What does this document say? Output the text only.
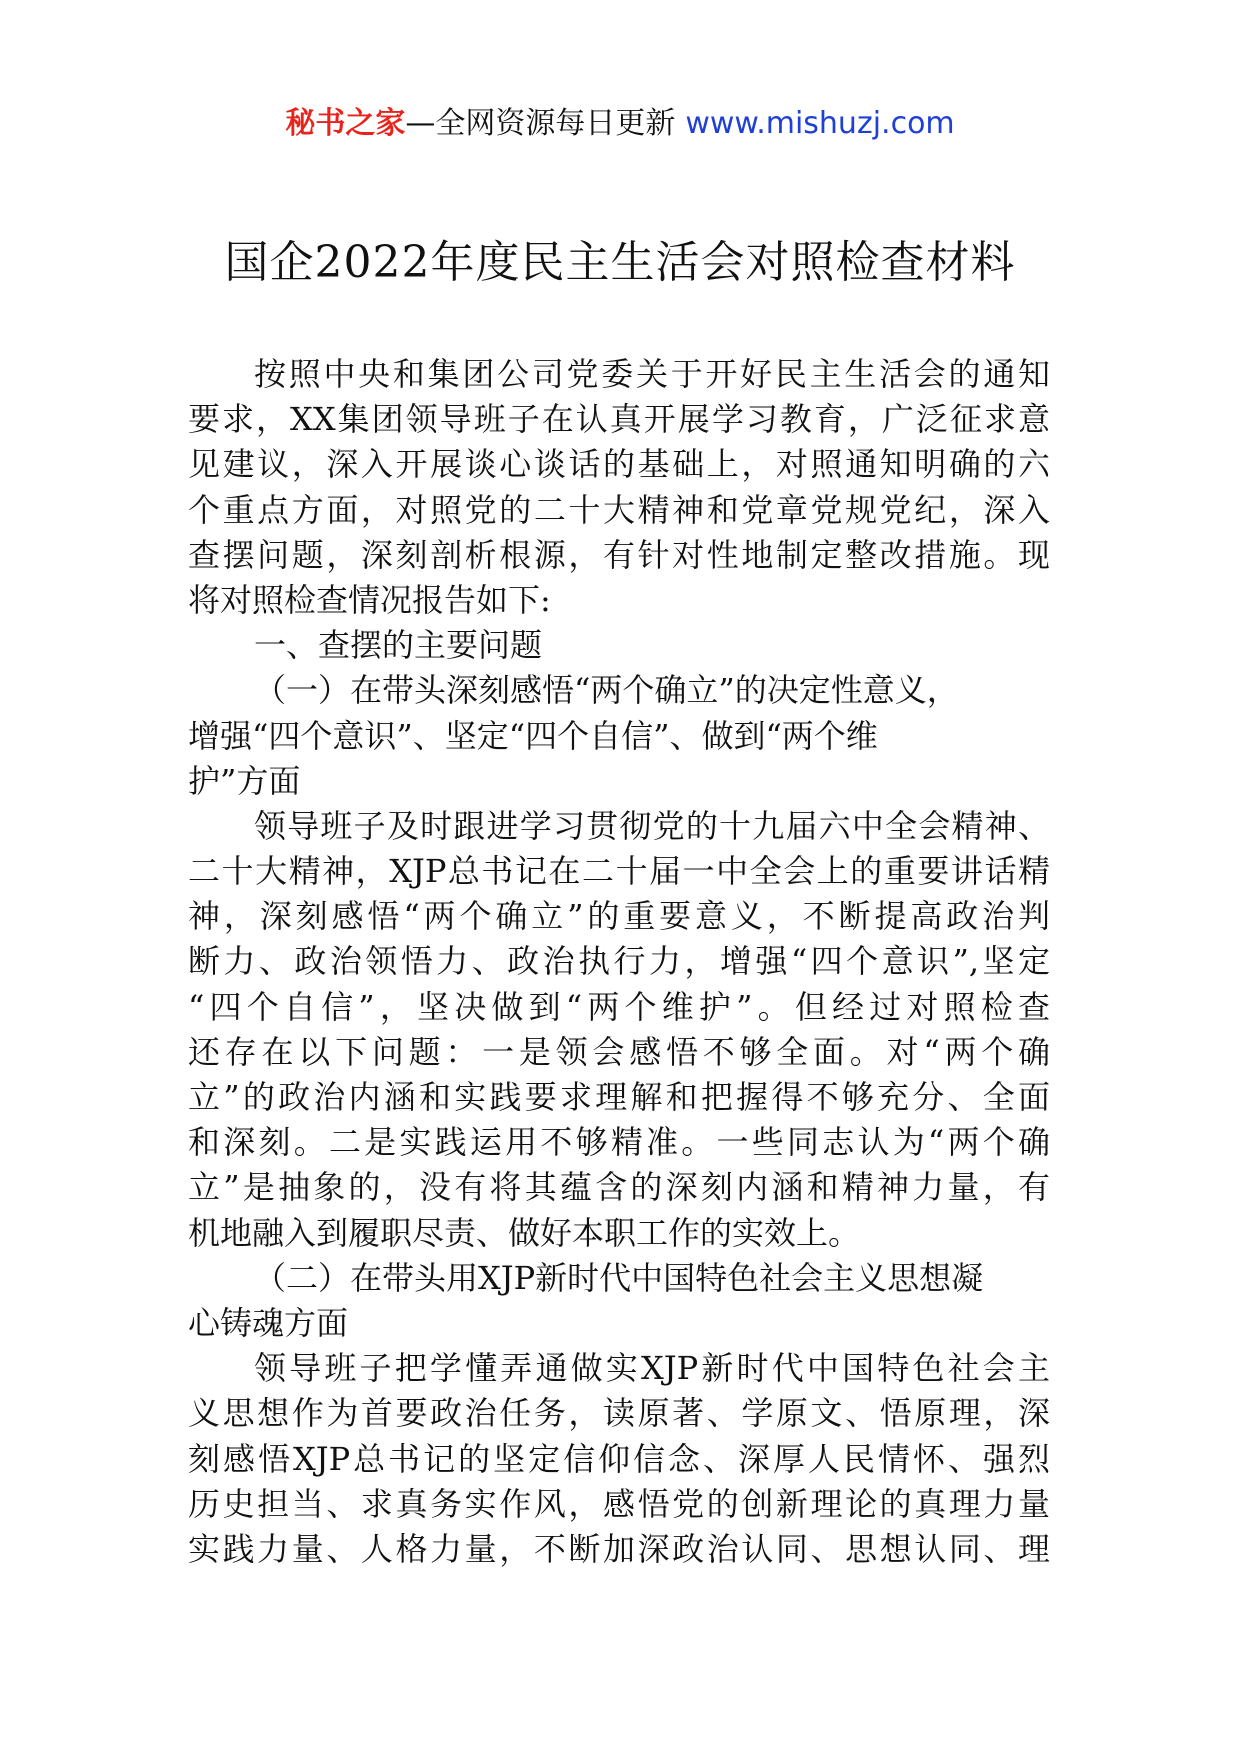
秘书之家—全网资源每日更新 www.mishuzj.com
国企2022年度民主生活会对照检查材料
按照中央和集团公司党委关于开好民主生活会的通知
要求，XX集团领导班子在认真开展学习教育，广泛征求意
见建议，深入开展谈心谈话的基础上，对照通知明确的六
个重点方面，对照党的二十大精神和党章党规党纪，深入
查摆问题，深刻剖析根源，有针对性地制定整改措施。现
将对照检查情况报告如下:
一、查摆的主要问题
（一）在带头深刻感悟“两个确立”的决定性意义，
增强“四个意识”、坚定“四个自信”、做到“两个维
护”方面
领导班子及时跟进学习贯彻党的十九届六中全会精神、
二十大精神，XJP总书记在二十届一中全会上的重要讲话精
神，深刻感悟“两个确立”的重要意义，不断提高政治判
断力、政治领悟力、政治执行力，增强“四个意识”,坚定
“四个自信”，坚决做到“两个维护”。但经过对照检查
还存在以下问题：一是领会感悟不够全面。对“两个确
立”的政治内涵和实践要求理解和把握得不够充分、全面
和深刻。二是实践运用不够精准。一些同志认为“两个确
立”是抽象的，没有将其蕴含的深刻内涵和精神力量，有
机地融入到履职尽责、做好本职工作的实效上。
（二）在带头用XJP新时代中国特色社会主义思想凝
心铸魂方面
领导班子把学懂弄通做实XJP新时代中国特色社会主
义思想作为首要政治任务，读原著、学原文、悟原理，深
刻感悟XJP总书记的坚定信仰信念、深厚人民情怀、强烈
历史担当、求真务实作风，感悟党的创新理论的真理力量
实践力量、人格力量，不断加深政治认同、思想认同、理
